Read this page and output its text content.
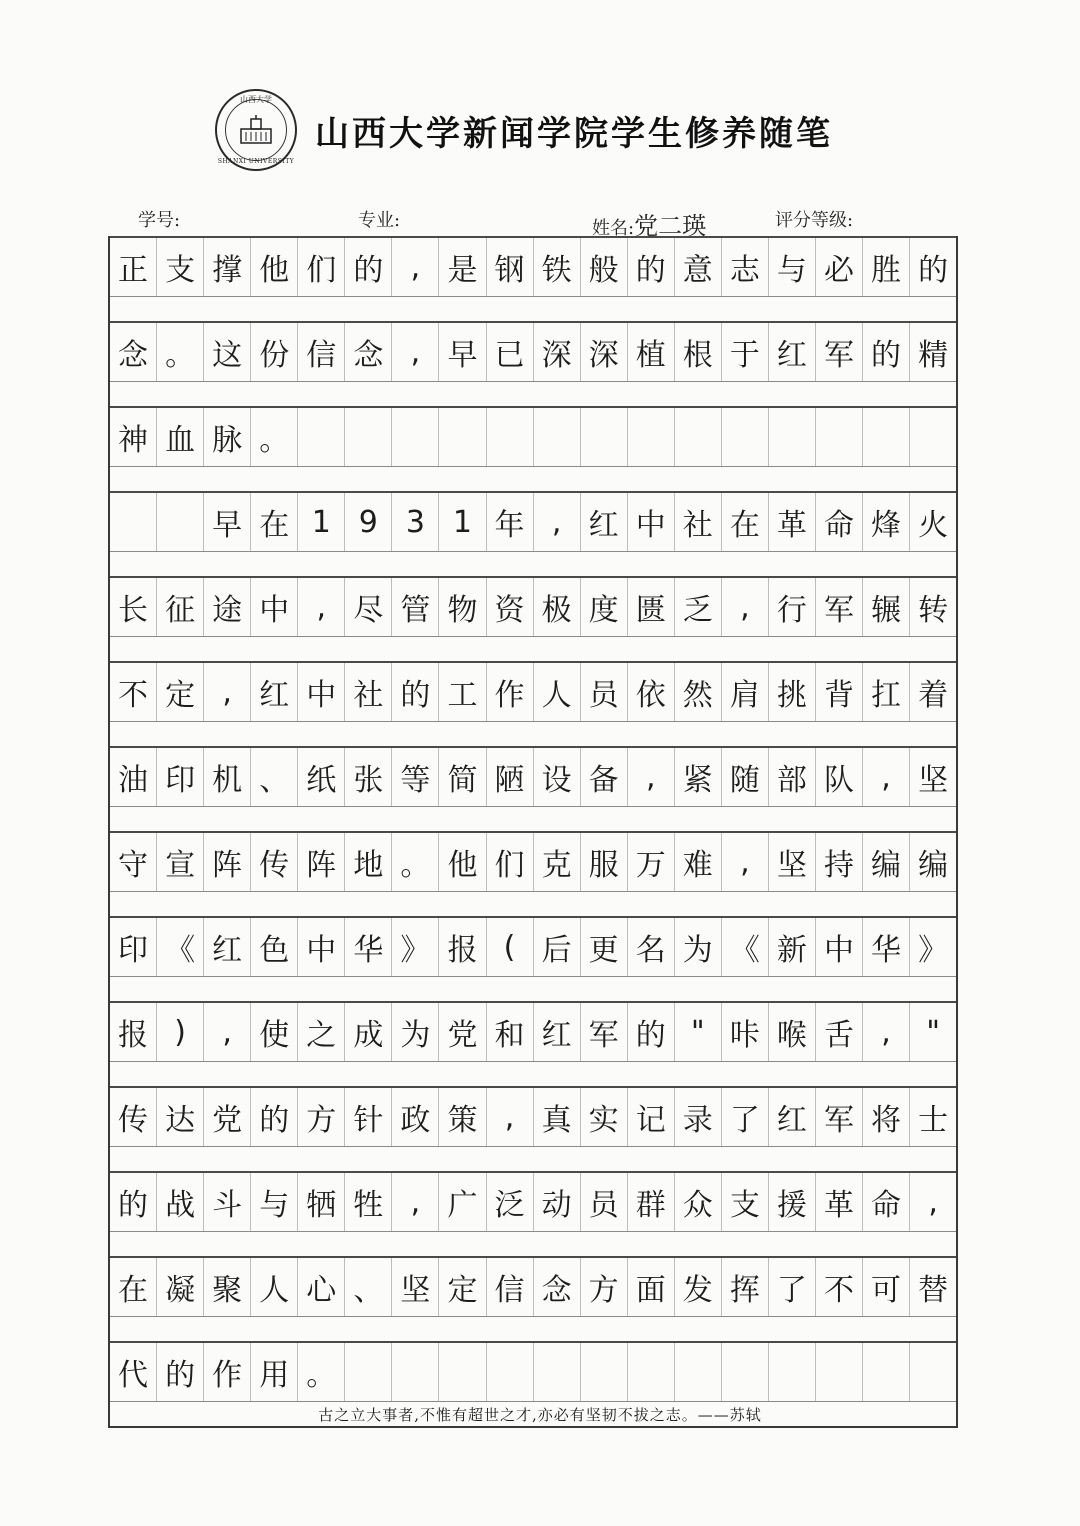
山西大学
SHANXI UNIVERSITY
山西大学新闻学院学生修养随笔
学号:	专业:	姓名:党二瑛	评分等级:
正 支 撑 他 们 的 , 是 钢 铁 般 的 意 志 与 必 胜 的
念 。 这 份 信 念 , 早 已 深 深 植 根 于 红 军 的 精
神 血 脉 。
早 在 1 9 3 1 年 , 红 中 社 在 革 命 烽 火
长 征 途 中 , 尽 管 物 资 极 度 匮 乏 , 行 军 辗 转
不 定 , 红 中 社 的 工 作 人 员 依 然 肩 挑 背 扛 着
油 印 机 、 纸 张 等 简 陋 设 备 , 紧 随 部 队 , 坚
守 宣 阵 传 阵 地 。 他 们 克 服 万 难 , 坚 持 编 编
印 《 红 色 中 华 》 报 ( 后 更 名 为 《 新 中 华 》
报 )	, 使 之 成 为 党 和 红 军 的 " 咔 喉 舌 ,	"
传 达 党 的 方 针 政 策 , 真 实 记 录 了 红 军 将 士
的 战 斗 与 牺 牲 , 广 泛 动 员 群 众 支 援 革 命 ,
在 凝 聚 人 心 、 坚 定 信 念 方 面 发 挥 了 不 可 替
代 的 作 用 。
古之立大事者,不惟有超世之才,亦必有坚韧不拔之志。——苏轼
